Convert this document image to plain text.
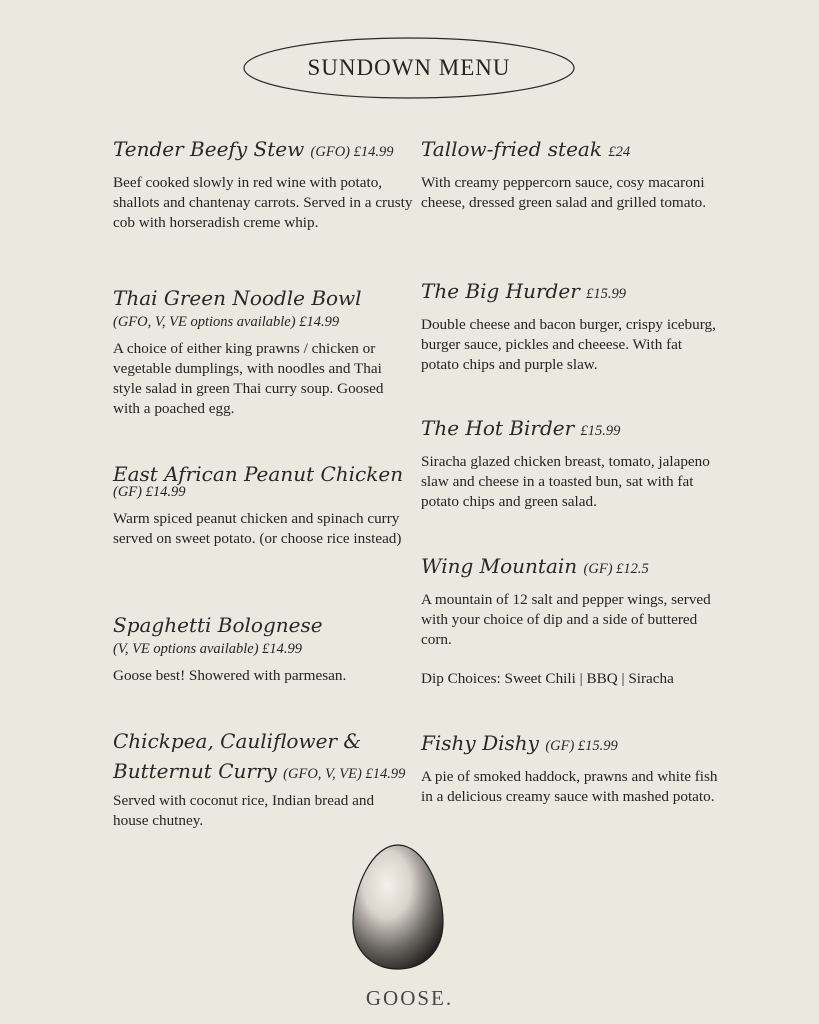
SUNDOWN MENU
Tender Beefy Stew (GFO) £14.99
Beef cooked slowly in red wine with potato, shallots and chantenay carrots. Served in a crusty cob with horseradish creme whip.
Thai Green Noodle Bowl
(GFO, V, VE options available) £14.99
A choice of either king prawns / chicken or vegetable dumplings, with noodles and Thai style salad in green Thai curry soup. Goosed with a poached egg.
East African Peanut Chicken
(GF) £14.99
Warm spiced peanut chicken and spinach curry served on sweet potato. (or choose rice instead)
Spaghetti Bolognese
(V, VE options available) £14.99
Goose best! Showered with parmesan.
Chickpea, Cauliflower & Butternut Curry (GFO, V, VE) £14.99
Served with coconut rice, Indian bread and house chutney.
Tallow-fried steak £24
With creamy peppercorn sauce, cosy macaroni cheese, dressed green salad and grilled tomato.
The Big Hurder £15.99
Double cheese and bacon burger, crispy iceburg, burger sauce, pickles and cheeese. With fat potato chips and purple slaw.
The Hot Birder £15.99
Siracha glazed chicken breast, tomato, jalapeno slaw and cheese in a toasted bun, sat with fat potato chips and green salad.
Wing Mountain (GF) £12.5
A mountain of 12 salt and pepper wings, served with your choice of dip and a side of buttered corn.
Dip Choices: Sweet Chili | BBQ | Siracha
Fishy Dishy (GF) £15.99
A pie of smoked haddock, prawns and white fish in a delicious creamy sauce with mashed potato.
GOOSE.
